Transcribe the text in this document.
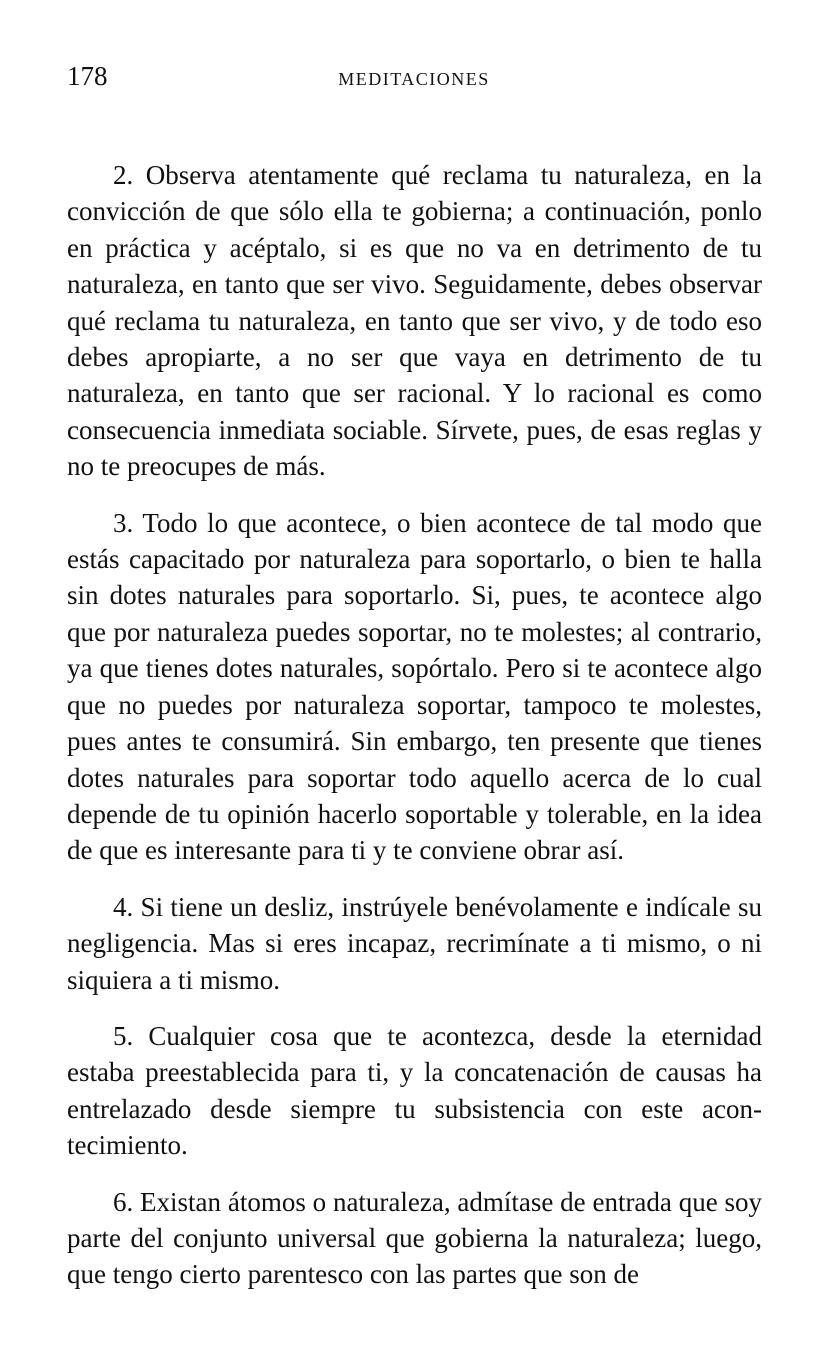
178	MEDITACIONES

2. Observa atentamente qué reclama tu naturaleza, en la convicción de que sólo ella te gobierna; a continuación, ponlo en práctica y acéptalo, si es que no va en detrimento de tu naturaleza, en tanto que ser vivo. Seguidamente, debes observar qué reclama tu naturaleza, en tanto que ser vivo, y de todo eso debes apropiarte, a no ser que vaya en detrimento de tu naturaleza, en tanto que ser racional. Y lo racional es como consecuencia inmediata sociable. Sírvete, pues, de esas reglas y no te preocupes de más.

3. Todo lo que acontece, o bien acontece de tal modo que estás capacitado por naturaleza para soportarlo, o bien te halla sin dotes naturales para soportarlo. Si, pues, te acontece algo que por naturaleza puedes soportar, no te molestes; al contrario, ya que tienes dotes naturales, sopórtalo. Pero si te acontece algo que no puedes por naturaleza soportar, tampoco te molestes, pues antes te consumirá. Sin embargo, ten presente que tienes dotes naturales para soportar todo aquello acerca de lo cual depende de tu opinión hacerlo soportable y tolerable, en la idea de que es interesante para ti y te conviene obrar así.

4. Si tiene un desliz, instrúyele benévolamente e indícale su negligencia. Mas si eres incapaz, recrimínate a ti mismo, o ni siquiera a ti mismo.

5. Cualquier cosa que te acontezca, desde la eternidad estaba preestablecida para ti, y la concatenación de causas ha entrelazado desde siempre tu subsistencia con este acontecimiento.

6. Existan átomos o naturaleza, admítase de entrada que soy parte del conjunto universal que gobierna la naturaleza; luego, que tengo cierto parentesco con las partes que son de
